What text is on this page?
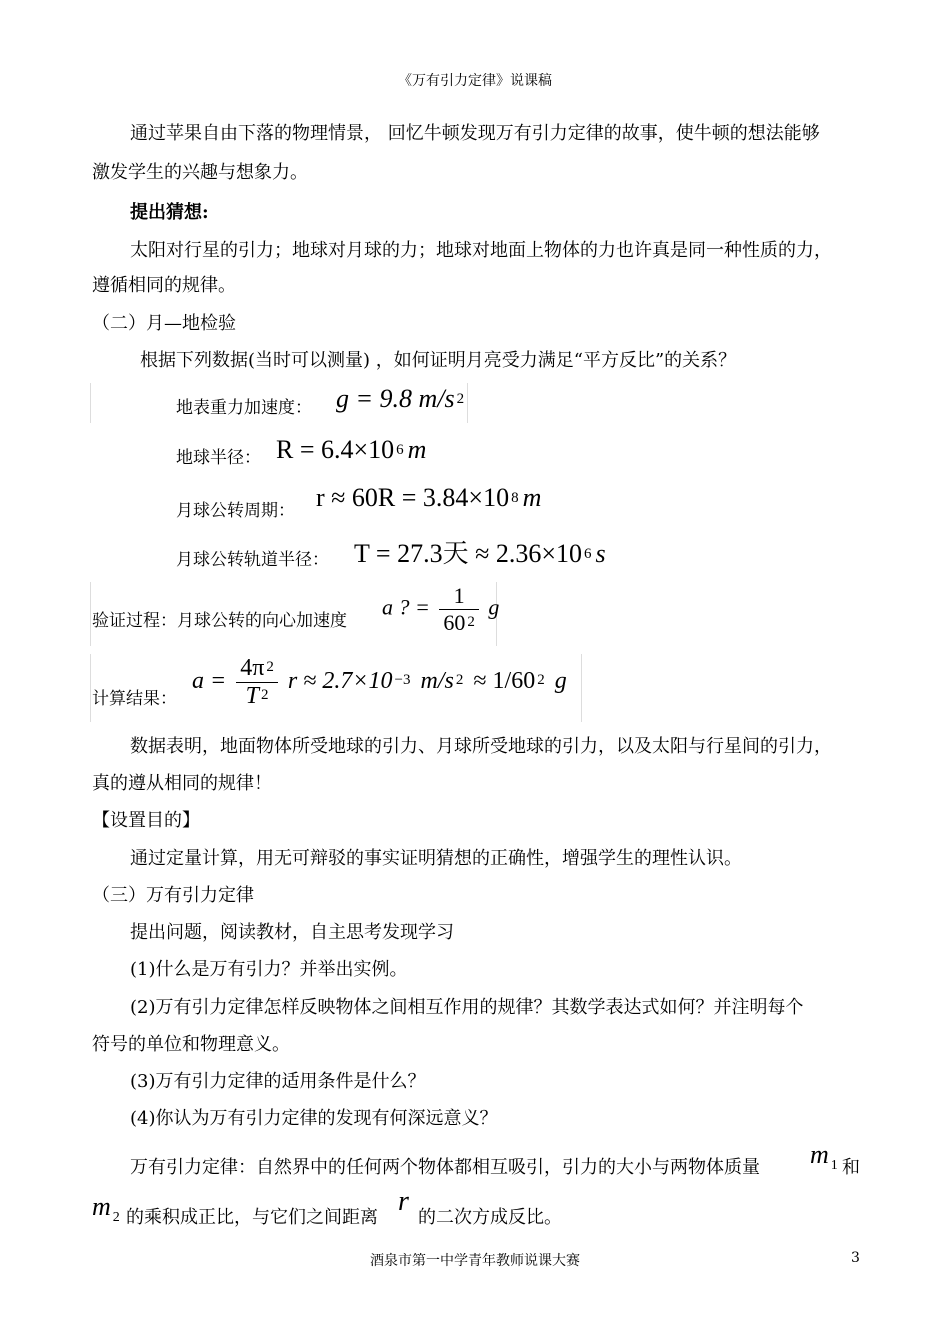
《万有引力定律》说课稿
通过苹果自由下落的物理情景， 回忆牛顿发现万有引力定律的故事，使牛顿的想法能够
激发学生的兴趣与想象力。
提出猜想:
太阳对行星的引力；地球对月球的力；地球对地面上物体的力也许真是同一种性质的力，
遵循相同的规律。
（二）月—地检验
根据下列数据(当时可以测量) ，如何证明月亮受力满足“平方反比”的关系？
地表重力加速度： g = 9.8 m/s $^2$
地球半径： R = 6.4×10 $^6$ m
月球公转周期： r ≈ 60R = 3.84×10 $^8$ m
月球公转轨道半径： T = 27.3天 ≈ 2.36×10 $^6$ s
验证过程：月球公转的向心加速度
a ? = $\frac{1}{60 ^2}$ g
计算结果：
$a = \frac{4\pi ^2}{T ^2}$ r ≈ 2.7×10 $^{-3}$ m/s $^2$ ≈ 1/60 $^2$ g
数据表明，地面物体所受地球的引力、月球所受地球的引力，以及太阳与行星间的引力，
真的遵从相同的规律！
【设置目的】
通过定量计算，用无可辩驳的事实证明猜想的正确性，增强学生的理性认识。
（三）万有引力定律
提出问题，阅读教材，自主思考发现学习
(1)什么是万有引力？并举出实例。
(2)万有引力定律怎样反映物体之间相互作用的规律？其数学表达式如何？并注明每个
符号的单位和物理意义。
(3)万有引力定律的适用条件是什么？
(4)你认为万有引力定律的发现有何深远意义？
万有引力定律：自然界中的任何两个物体都相互吸引，引力的大小与两物体质量 m $_1$ 和
m $_2$ 的乘积成正比，与它们之间距离
r
的二次方成反比。
酒泉市第一中学青年教师说课大赛	3
